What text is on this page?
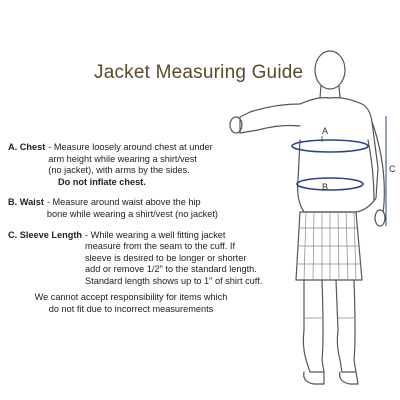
Jacket Measuring Guide
A. Chest - Measure loosely around chest at under
arm height while wearing a shirt/vest
(no jacket), with arms by the sides.
Do not inflate chest.
B. Waist - Measure around waist above the hip
bone while wearing a shirt/vest (no jacket)
C. Sleeve Length - While wearing a well fitting jacket
measure from the seam to the cuff. If
sleeve is desired to be longer or shorter
add or remove 1/2" to the standard length.
Standard length shows up to 1" of shirt cuff.
We cannot accept responsibility for items which
do not fit due to incorrect measurements
A
B
C
